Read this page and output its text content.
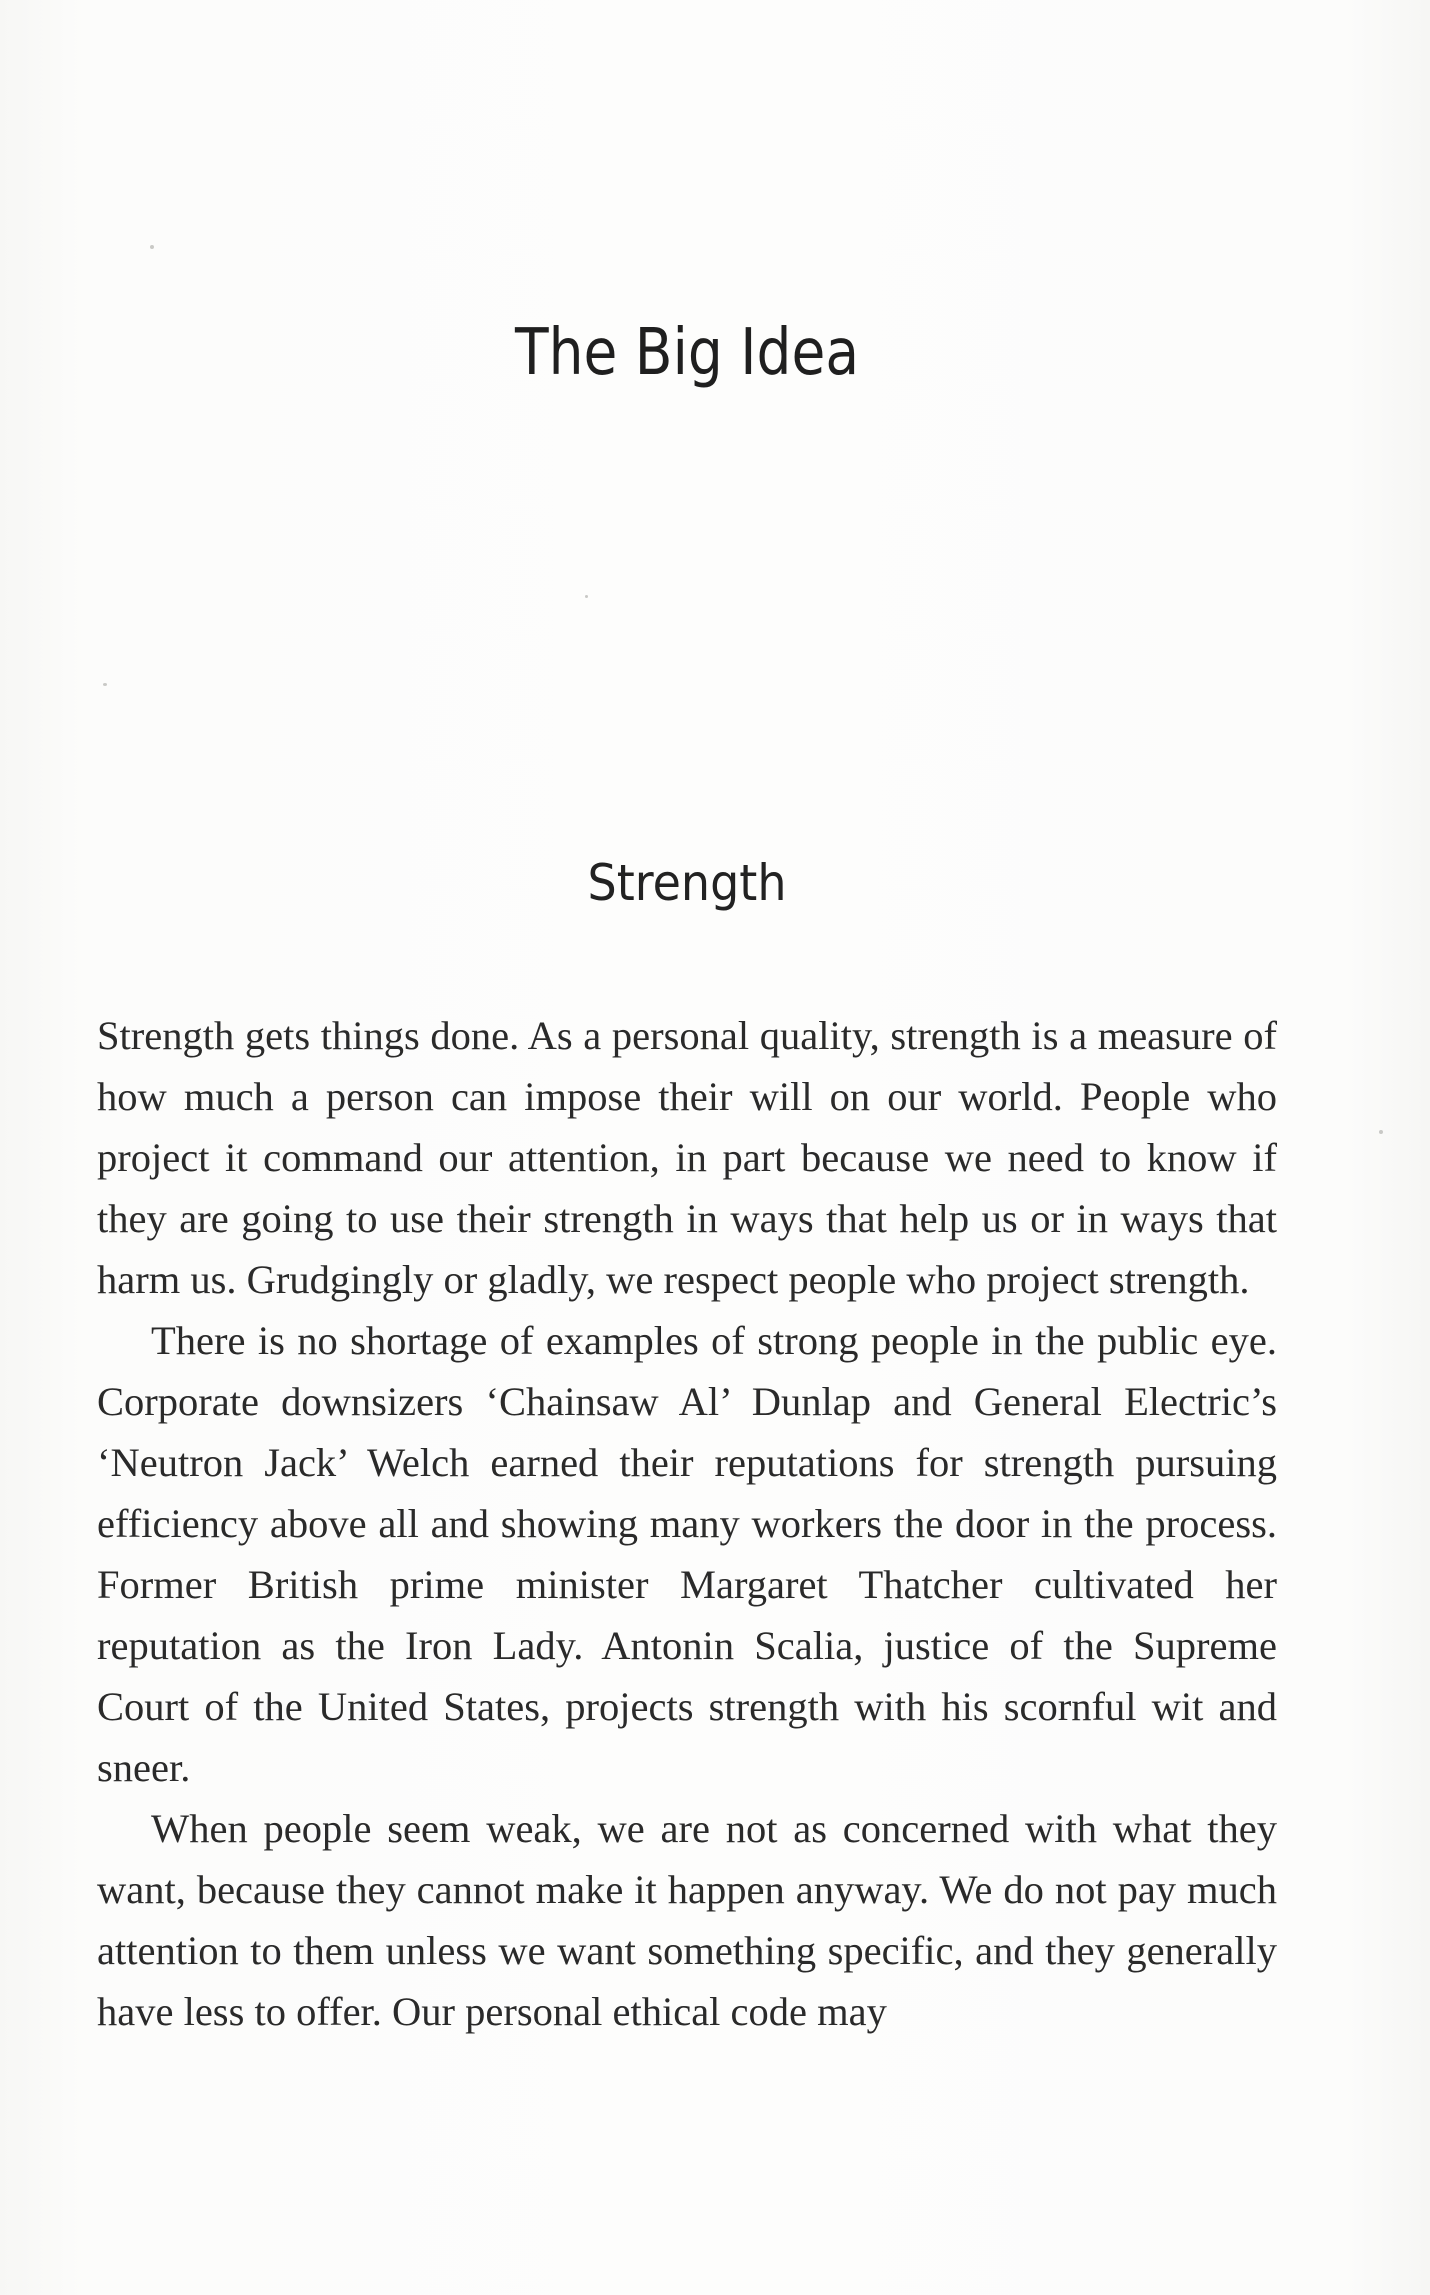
The Big Idea
Strength

Strength gets things done. As a personal quality, strength is a measure of how much a person can impose their will on our world. People who project it command our attention, in part because we need to know if they are going to use their strength in ways that help us or in ways that harm us. Grudgingly or gladly, we respect people who project strength.

There is no shortage of examples of strong people in the public eye. Corporate downsizers ‘Chainsaw Al’ Dunlap and General Electric’s ‘Neutron Jack’ Welch earned their reputations for strength pursuing efficiency above all and showing many workers the door in the process. Former British prime minister Margaret Thatcher cultivated her reputation as the Iron Lady. Antonin Scalia, justice of the Supreme Court of the United States, projects strength with his scornful wit and sneer.

When people seem weak, we are not as concerned with what they want, because they cannot make it happen anyway. We do not pay much attention to them unless we want something specific, and they generally have less to offer. Our personal ethical code may
